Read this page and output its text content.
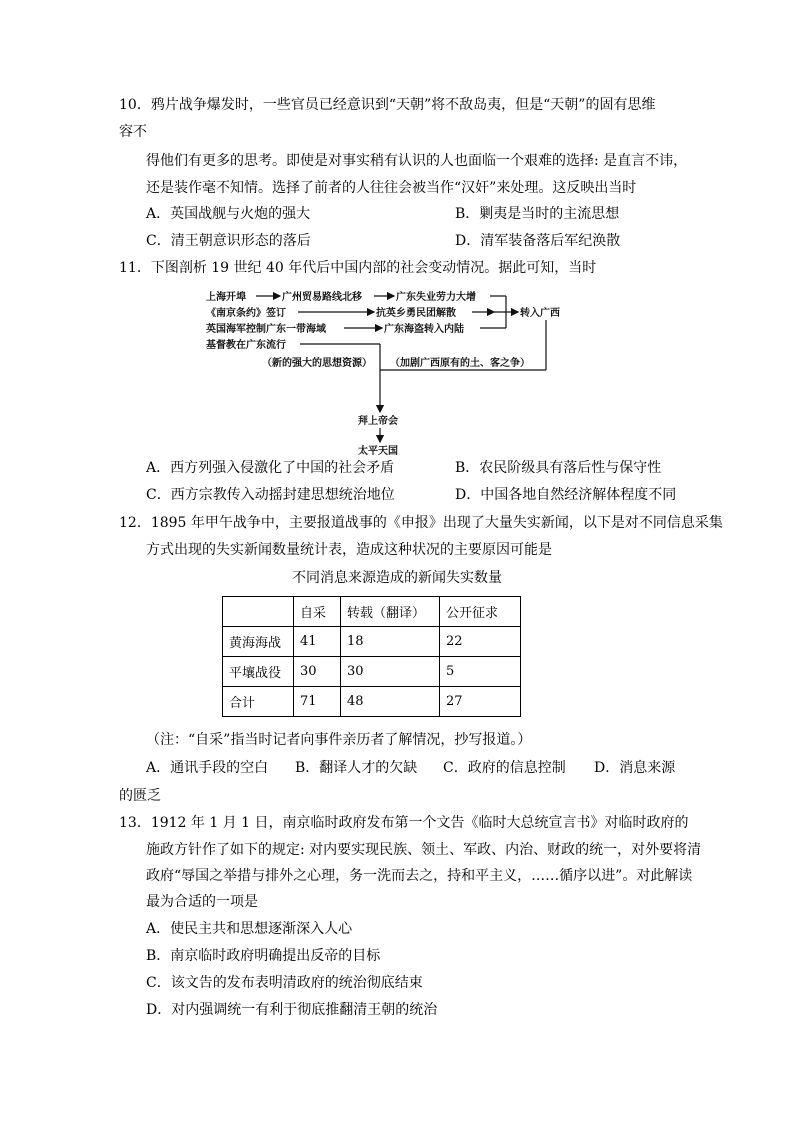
10．鸦片战争爆发时，一些官员已经意识到“天朝”将不敌岛夷，但是“天朝”的固有思维
容不
得他们有更多的思考。即使是对事实稍有认识的人也面临一个艰难的选择: 是直言不讳，
还是装作毫不知情。选择了前者的人往往会被当作“汉奸”来处理。这反映出当时
A．英国战舰与火炮的强大	B．剿夷是当时的主流思想
C．清王朝意识形态的落后	D．清军装备落后军纪涣散
11．下图剖析 19 世纪 40 年代后中国内部的社会变动情况。据此可知，当时
上海开埠	广州贸易路线北移	广东失业劳力大增
《南京条约》签订	抗英乡勇民团解散	转入广西
英国海军控制广东一带海域	广东海盗转入内陆
基督教在广东流行
（新的强大的思想资源） （加剧广西原有的土、客之争）
拜上帝会
太平天国
A．西方列强入侵激化了中国的社会矛盾	B．农民阶级具有落后性与保守性
C．西方宗教传入动摇封建思想统治地位	D．中国各地自然经济解体程度不同
12．1895 年甲午战争中，主要报道战事的《申报》出现了大量失实新闻，以下是对不同信息采集
方式出现的失实新闻数量统计表，造成这种状况的主要原因可能是
不同消息来源造成的新闻失实数量
	自采	转载（翻译）	公开征求
黄海海战	41	18	22
平壤战役	30	30	5
合计	71	48	27
（注：“自采”指当时记者向事件亲历者了解情况，抄写报道。）
A．通讯手段的空白 B．翻译人才的欠缺 C．政府的信息控制 D．消息来源
的匮乏
13．1912 年 1 月 1 日，南京临时政府发布第一个文告《临时大总统宣言书》对临时政府的
施政方针作了如下的规定: 对内要实现民族、领土、军政、内治、财政的统一，对外要将清
政府“辱国之举措与排外之心理，务一洗而去之，持和平主义，……循序以进”。对此解读
最为合适的一项是
A．使民主共和思想逐渐深入人心
B．南京临时政府明确提出反帝的目标
C．该文告的发布表明清政府的统治彻底结束
D．对内强调统一有利于彻底推翻清王朝的统治
